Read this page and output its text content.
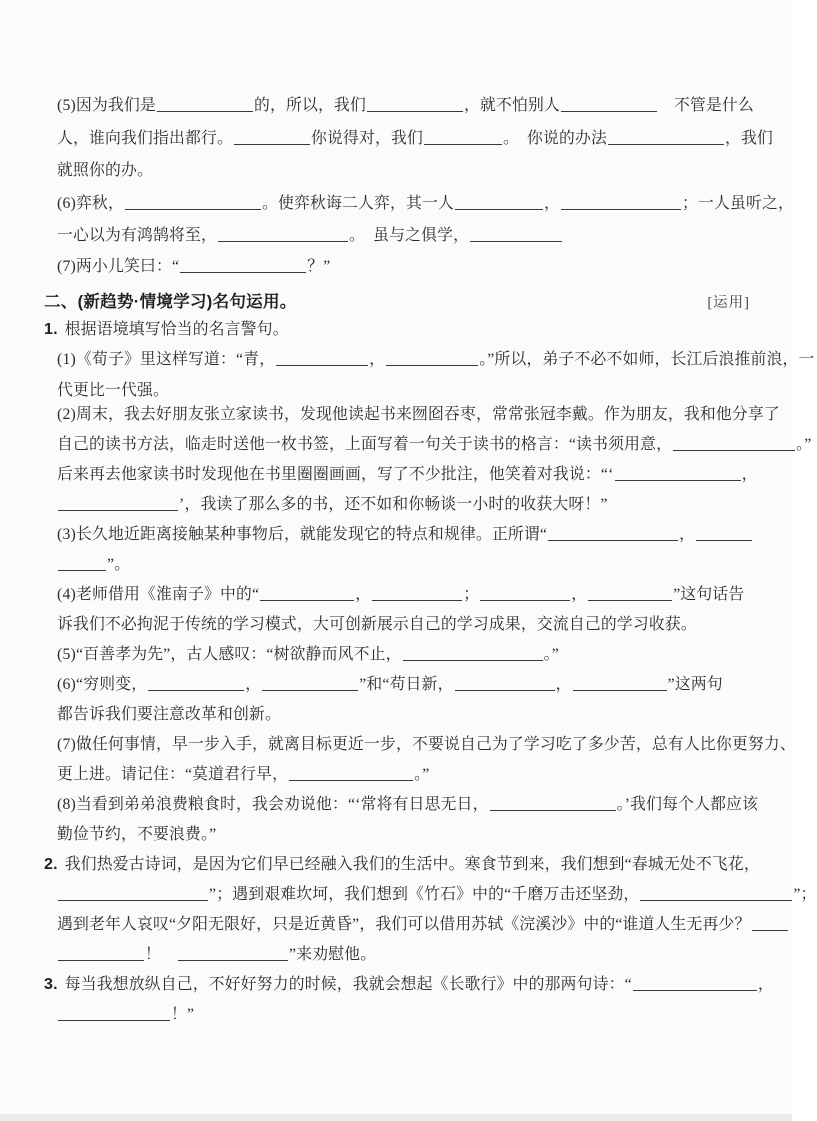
二、(新趋势·情境学习)名句运用。	[运用]
(5)因为我们是	的，所以，我们	，就不怕别人	　不管是什么
人，谁向我们指出都行。	你说得对，我们	。　你说的办法	，我们
就照你的办。
(6)弈秋，	。使弈秋诲二人弈，其一人	，	；一人虽听之，
一心以为有鸿鹄将至，	。　虽与之俱学，
(7)两小儿笑曰：“	？”
1. 根据语境填写恰当的名言警句。
(1)《荀子》里这样写道：“青，	，	。”所以，弟子不必不如师，长江后浪推前浪，一
代更比一代强。
(2)周末，我去好朋友张立家读书，发现他读起书来囫囵吞枣，常常张冠李戴。作为朋友，我和他分享了
自己的读书方法，临走时送他一枚书签，上面写着一句关于读书的格言：“读书须用意，	。”
后来再去他家读书时发现他在书里圈圈画画，写了不少批注，他笑着对我说：“‘	，
’，我读了那么多的书，还不如和你畅谈一小时的收获大呀！”
(3)长久地近距离接触某种事物后，就能发现它的特点和规律。正所谓“	，
”。
(4)老师借用《淮南子》中的“	，	；	，	”这句话告
诉我们不必拘泥于传统的学习模式，大可创新展示自己的学习成果，交流自己的学习收获。
(5)“百善孝为先”，古人感叹：“树欲静而风不止，	。”
(6)“穷则变，	，	”和“苟日新，	，	”这两句
都告诉我们要注意改革和创新。
(7)做任何事情，早一步入手，就离目标更近一步，不要说自己为了学习吃了多少苦，总有人比你更努力、
更上进。请记住：“莫道君行早，	。”
(8)当看到弟弟浪费粮食时，我会劝说他：“‘常将有日思无日，	。’我们每个人都应该
勤俭节约，不要浪费。”
2. 我们热爱古诗词，是因为它们早已经融入我们的生活中。寒食节到来，我们想到“春城无处不飞花，
”；遇到艰难坎坷，我们想到《竹石》中的“千磨万击还坚劲，	”；
遇到老年人哀叹“夕阳无限好，只是近黄昏”，我们可以借用苏轼《浣溪沙》中的“谁道人生无再少？
！　	”来劝慰他。
3. 每当我想放纵自己，不好好努力的时候，我就会想起《长歌行》中的那两句诗：“	，
！”
